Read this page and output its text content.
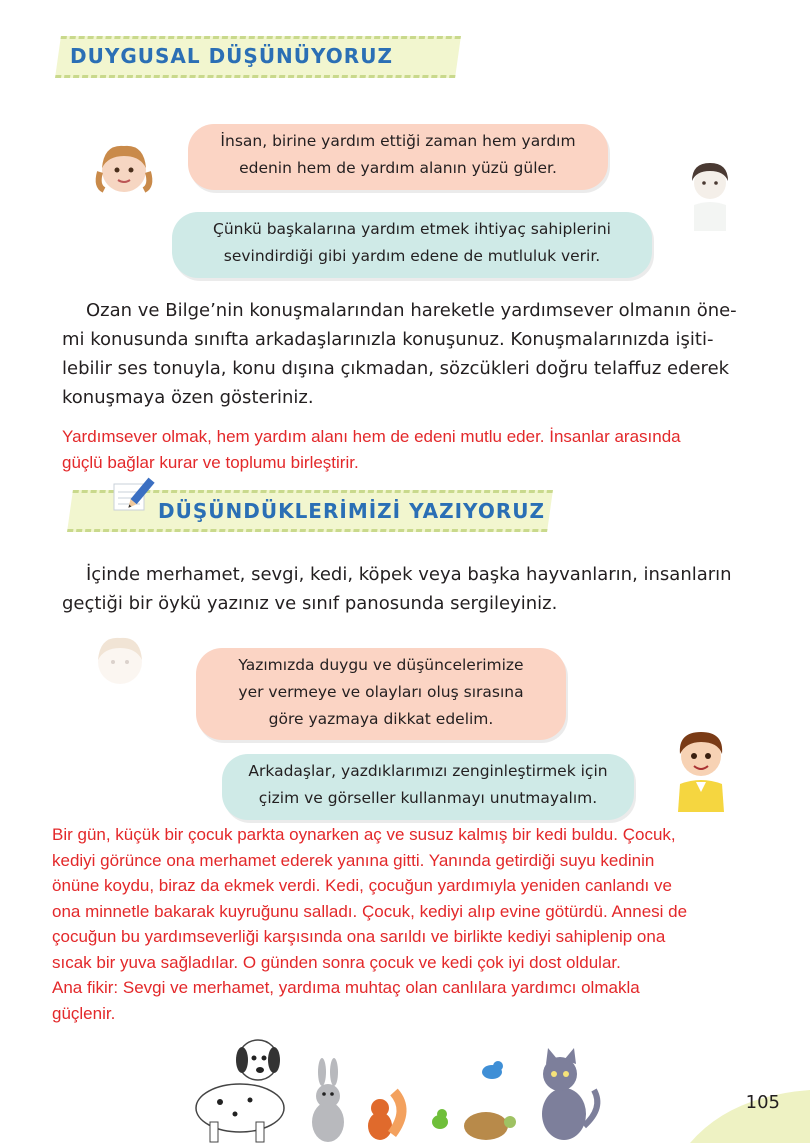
DUYGUSAL DÜŞÜNÜYORUZ
İnsan, birine yardım ettiği zaman hem yardım
edenin hem de yardım alanın yüzü güler.
Çünkü başkalarına yardım etmek ihtiyaç sahiplerini
sevindirdiği gibi yardım edene de mutluluk verir.
Ozan ve Bilge’nin konuşmalarından hareketle yardımsever olmanın öne-
mi konusunda sınıfta arkadaşlarınızla konuşunuz. Konuşmalarınızda işiti-
lebilir ses tonuyla, konu dışına çıkmadan, sözcükleri doğru telaffuz ederek
konuşmaya özen gösteriniz.
Yardımsever olmak, hem yardım alanı hem de edeni mutlu eder. İnsanlar arasında
güçlü bağlar kurar ve toplumu birleştirir.
DÜŞÜNDÜKLERİMİZİ YAZIYORUZ
İçinde merhamet, sevgi, kedi, köpek veya başka hayvanların, insanların
geçtiği bir öykü yazınız ve sınıf panosunda sergileyiniz.
Yazımızda duygu ve düşüncelerimize
yer vermeye ve olayları oluş sırasına
göre yazmaya dikkat edelim.
Arkadaşlar, yazdıklarımızı zenginleştirmek için
çizim ve görseller kullanmayı unutmayalım.
Bir gün, küçük bir çocuk parkta oynarken aç ve susuz kalmış bir kedi buldu. Çocuk,
kediyi görünce ona merhamet ederek yanına gitti. Yanında getirdiği suyu kedinin
önüne koydu, biraz da ekmek verdi. Kedi, çocuğun yardımıyla yeniden canlandı ve
ona minnetle bakarak kuyruğunu salladı. Çocuk, kediyi alıp evine götürdü. Annesi de
çocuğun bu yardımseverliği karşısında ona sarıldı ve birlikte kediyi sahiplenip ona
sıcak bir yuva sağladılar. O günden sonra çocuk ve kedi çok iyi dost oldular.
Ana fikir: Sevgi ve merhamet, yardıma muhtaç olan canlılara yardımcı olmakla
güçlenir.
105
